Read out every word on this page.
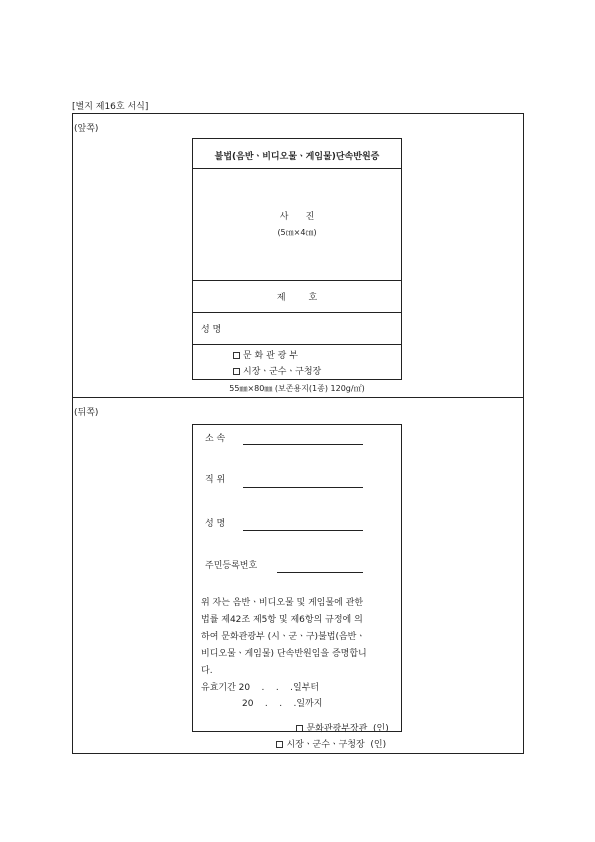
[별지 제16호 서식]
(앞쪽)
불법(음반ㆍ비디오물ㆍ게임물)단속반원증
사      진
(5㎝×4㎝)
제        호
성 명
문 화 관 광 부
시장ㆍ군수ㆍ구청장
55㎜×80㎜ (보존용지(1종) 120g/㎡)
(뒤쪽)
소 속
직 위
성 명
주민등록번호
위 자는 음반ㆍ비디오물 및 게임물에 관한
법률 제42조 제5항 및 제6항의 규정에 의
하여 문화관광부 (시ㆍ군ㆍ구)불법(음반ㆍ
비디오물ㆍ게임물) 단속반원임을 증명합니
다.
유효기간 20    .    .    .일부터
20    .    .    .일까지

문화관광부장관  (인)

시장ㆍ군수ㆍ구청장  (인)
